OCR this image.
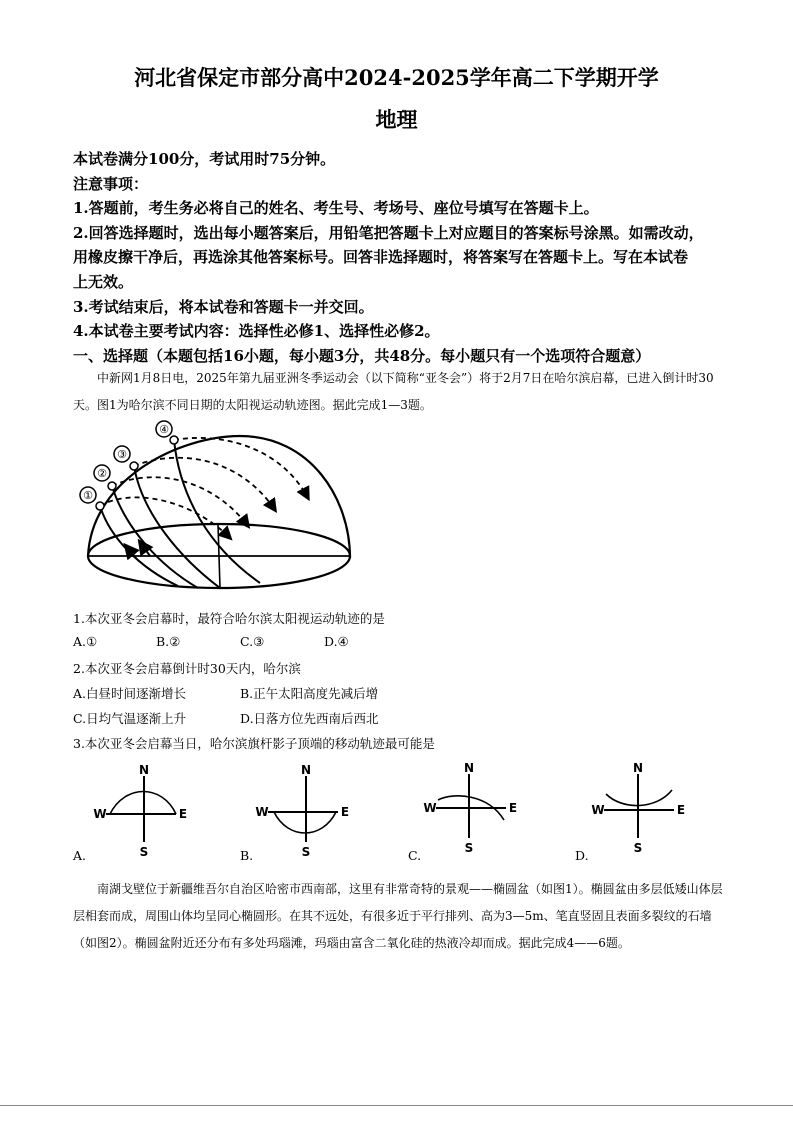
河北省保定市部分高中2024-2025学年高二下学期开学
地理
本试卷满分100分，考试用时75分钟。
注意事项：
1.答题前，考生务必将自己的姓名、考生号、考场号、座位号填写在答题卡上。
2.回答选择题时，选出每小题答案后，用铅笔把答题卡上对应题目的答案标号涂黑。如需改动，
用橡皮擦干净后，再选涂其他答案标号。回答非选择题时，将答案写在答题卡上。写在本试卷
上无效。
3.考试结束后，将本试卷和答题卡一并交回。
4.本试卷主要考试内容：选择性必修1、选择性必修2。
一、选择题（本题包括16小题，每小题3分，共48分。每小题只有一个选项符合题意）
中新网1月8日电，2025年第九届亚洲冬季运动会（以下简称“亚冬会”）将于2月7日在哈尔滨启幕，已进入倒计时30天。图1为哈尔滨不同日期的太阳视运动轨迹图。据此完成1—3题。
①
②
③
④
1.本次亚冬会启幕时，最符合哈尔滨太阳视运动轨迹的是
A.①	B.②	C.③	D.④
2.本次亚冬会启幕倒计时30天内，哈尔滨
A.白昼时间逐渐增长	B.正午太阳高度先减后增
C.日均气温逐渐上升	D.日落方位先西南后西北
3.本次亚冬会启幕当日，哈尔滨旗杆影子顶端的移动轨迹最可能是
N
S
W	E
N
S
W	E
N
S
W	E
N
S
W	E
A.	B.	C.	D.
南湖戈壁位于新疆维吾尔自治区哈密市西南部，这里有非常奇特的景观——椭圆盆（如图1）。椭圆盆由多层低矮山体层层相套而成，周围山体均呈同心椭圆形。在其不远处，有很多近于平行排列、高为3—5m、笔直竖固且表面多裂纹的石墙（如图2）。椭圆盆附近还分布有多处玛瑙滩，玛瑙由富含二氧化硅的热液冷却而成。据此完成4——6题。
